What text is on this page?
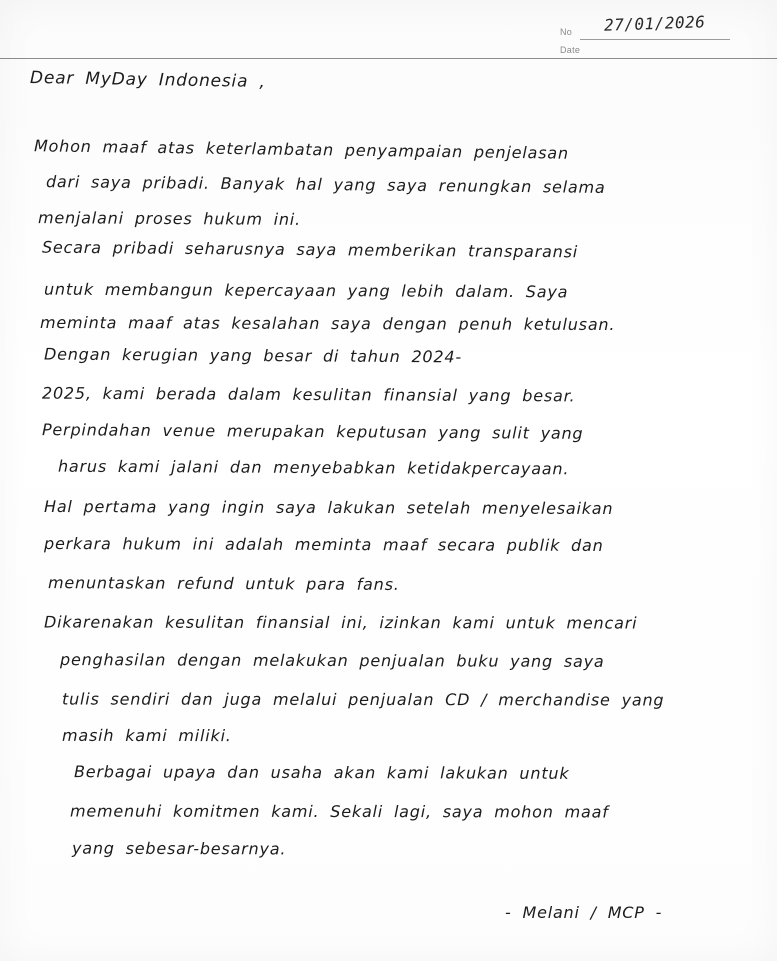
No 27/01/2026
Date
Dear MyDay Indonesia ,
Mohon maaf atas keterlambatan penyampaian penjelasan
dari saya pribadi. Banyak hal yang saya renungkan selama
menjalani proses hukum ini.
Secara pribadi seharusnya saya memberikan transparansi
untuk membangun kepercayaan yang lebih dalam. Saya
meminta maaf atas kesalahan saya dengan penuh ketulusan.
Dengan kerugian yang besar di tahun 2024-
2025, kami berada dalam kesulitan finansial yang besar.
Perpindahan venue merupakan keputusan yang sulit yang
harus kami jalani dan menyebabkan ketidakpercayaan.
Hal pertama yang ingin saya lakukan setelah menyelesaikan
perkara hukum ini adalah meminta maaf secara publik dan
menuntaskan refund untuk para fans.
Dikarenakan kesulitan finansial ini, izinkan kami untuk mencari
penghasilan dengan melakukan penjualan buku yang saya
tulis sendiri dan juga melalui penjualan CD / merchandise yang
masih kami miliki.
Berbagai upaya dan usaha akan kami lakukan untuk
memenuhi komitmen kami. Sekali lagi, saya mohon maaf
yang sebesar-besarnya.
- Melani / MCP -
